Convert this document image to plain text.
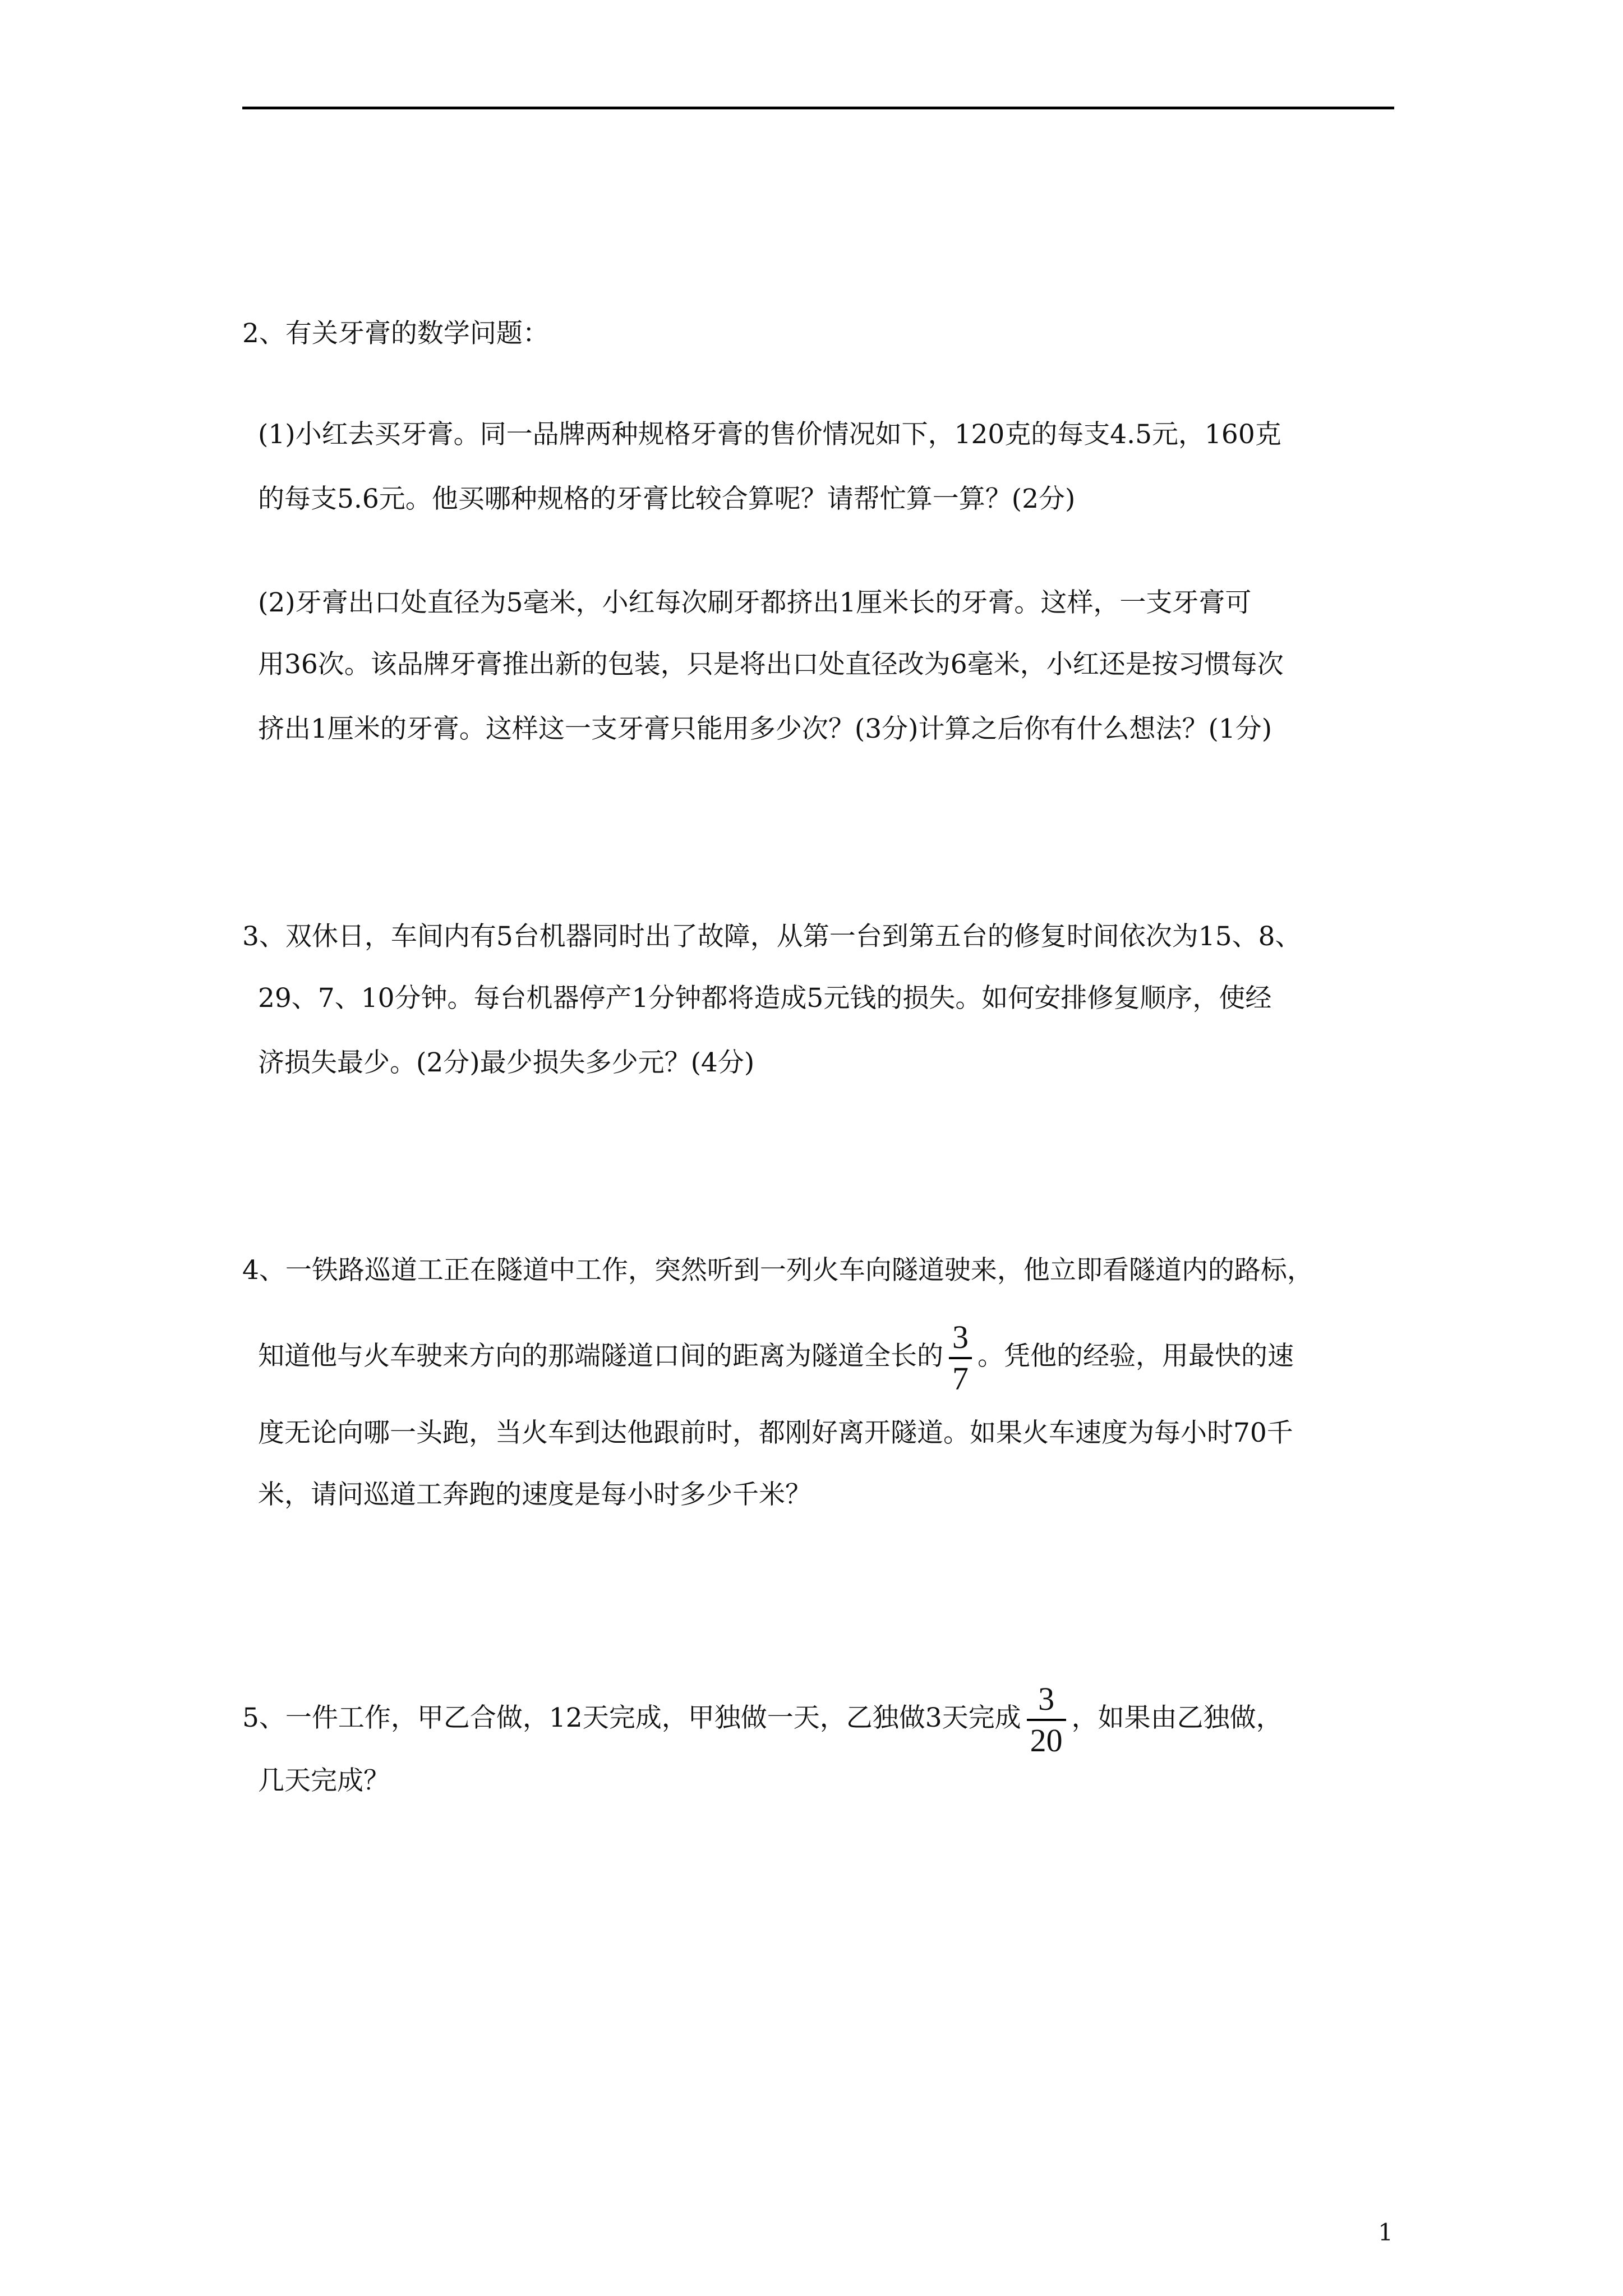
2、有关牙膏的数学问题：
(1)小红去买牙膏。同一品牌两种规格牙膏的售价情况如下，120克的每支4.5元，160克
的每支5.6元。他买哪种规格的牙膏比较合算呢？请帮忙算一算？(2分)
(2)牙膏出口处直径为5毫米，小红每次刷牙都挤出1厘米长的牙膏。这样，一支牙膏可
用36次。该品牌牙膏推出新的包装，只是将出口处直径改为6毫米，小红还是按习惯每次
挤出1厘米的牙膏。这样这一支牙膏只能用多少次？(3分)计算之后你有什么想法？(1分)
3、双休日，车间内有5台机器同时出了故障，从第一台到第五台的修复时间依次为15、8、
29、7、10分钟。每台机器停产1分钟都将造成5元钱的损失。如何安排修复顺序，使经
济损失最少。(2分)最少损失多少元？(4分)
4、一铁路巡道工正在隧道中工作，突然听到一列火车向隧道驶来，他立即看隧道内的路标，
知道他与火车驶来方向的那端隧道口间的距离为隧道全长的 $\frac{3}{7}$ 。凭他的经验，用最快的速
度无论向哪一头跑，当火车到达他跟前时，都刚好离开隧道。如果火车速度为每小时70千
米，请问巡道工奔跑的速度是每小时多少千米？
5、一件工作，甲乙合做，12天完成，甲独做一天，乙独做3天完成 $\frac{3}{20}$ ，如果由乙独做，
几天完成？
1
